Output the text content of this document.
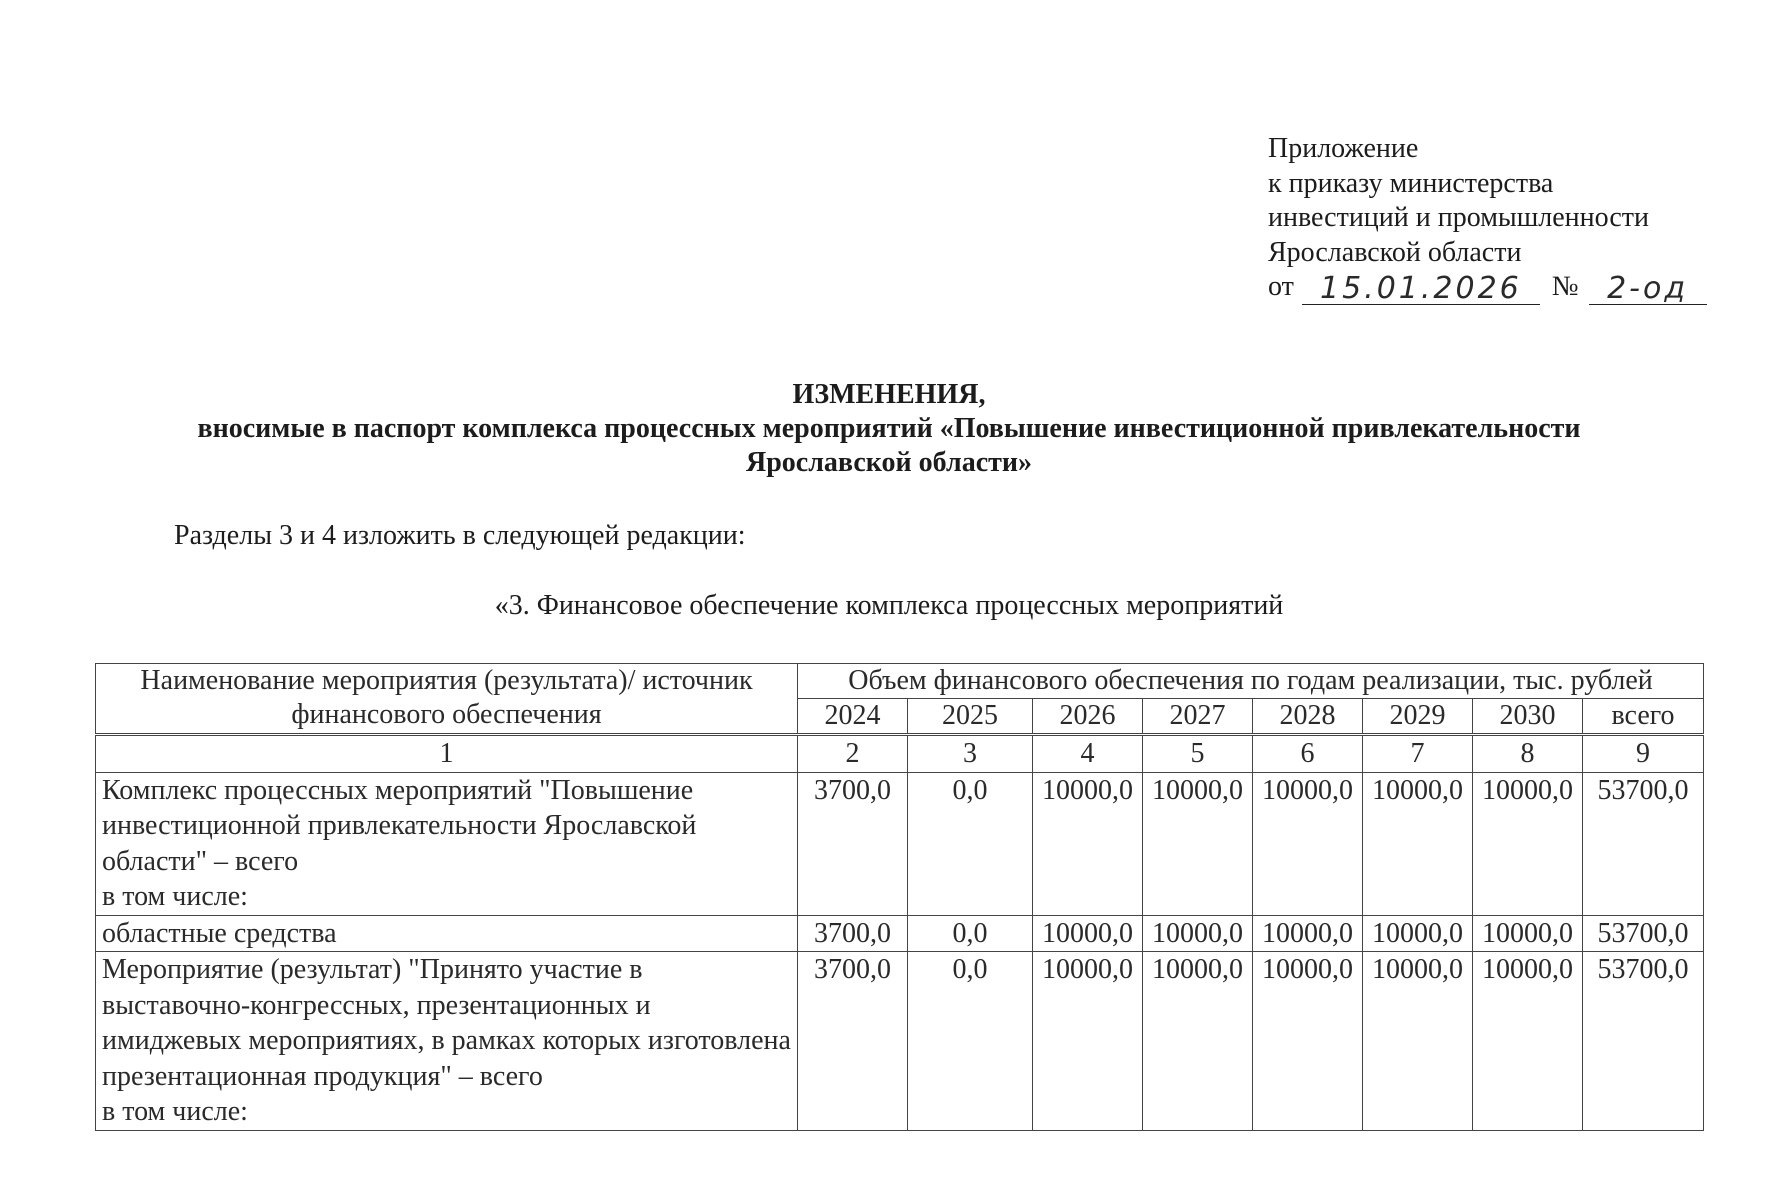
Приложение
к приказу министерства
инвестиций и промышленности
Ярославской области
от 15.01.2026	№ 2-од
ИЗМЕНЕНИЯ,
вносимые в паспорт комплекса процессных мероприятий «Повышение инвестиционной привлекательности
Ярославской области»

Разделы 3 и 4 изложить в следующей редакции:

«3. Финансовое обеспечение комплекса процессных мероприятий

Наименование мероприятия (результата)/ источник финансового обеспечения	Объем финансового обеспечения по годам реализации, тыс. рублей							
	2024	2025	2026	2027	2028	2029	2030	всего
1	2	3	4	5	6	7	8	9
Комплекс процессных мероприятий "Повышение инвестиционной привлекательности Ярославской области" – всего
в том числе:	3700,0	0,0	10000,0	10000,0	10000,0	10000,0	10000,0	53700,0
областные средства	3700,0	0,0	10000,0	10000,0	10000,0	10000,0	10000,0	53700,0
Мероприятие (результат) "Принято участие в выставочно-конгрессных, презентационных и имиджевых мероприятиях, в рамках которых изготовлена презентационная продукция" – всего
в том числе:	3700,0	0,0	10000,0	10000,0	10000,0	10000,0	10000,0	53700,0
